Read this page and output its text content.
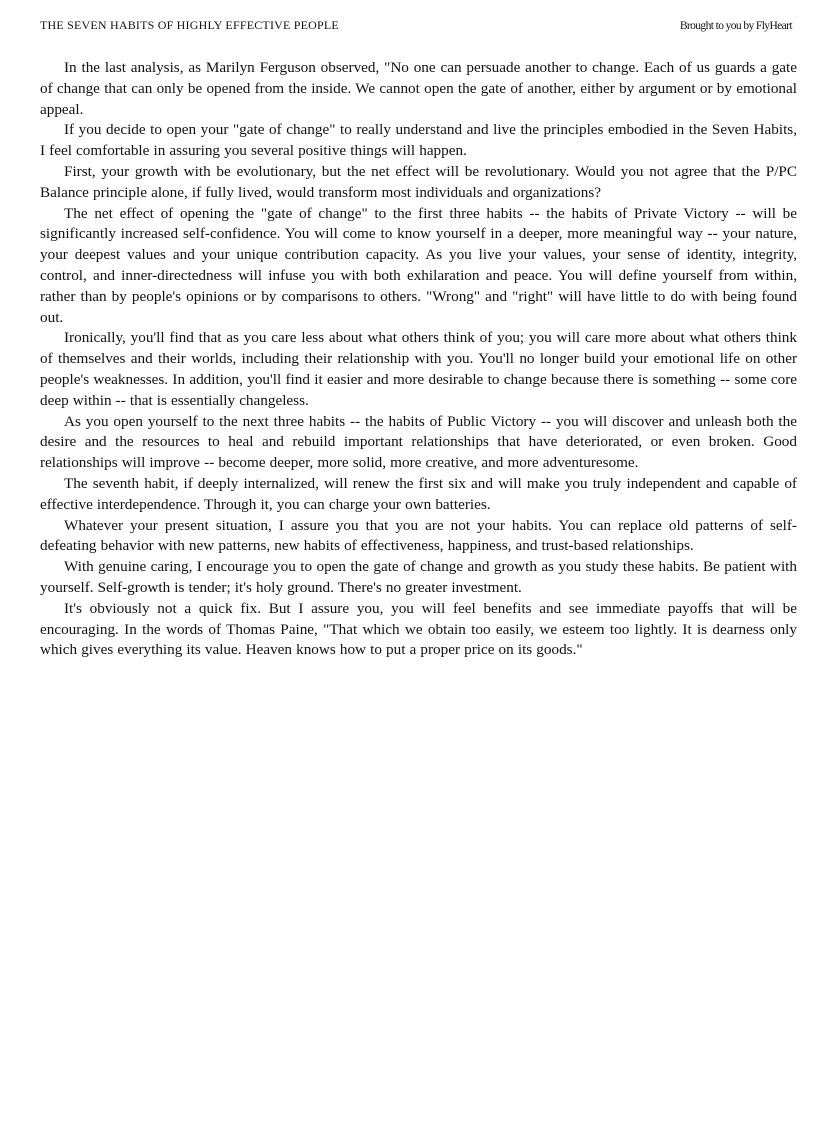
THE SEVEN HABITS OF HIGHLY EFFECTIVE PEOPLE	Brought to you by FlyHeart

In the last analysis, as Marilyn Ferguson observed, "No one can persuade another to change. Each of us guards a gate of change that can only be opened from the inside. We cannot open the gate of another, either by argument or by emotional appeal.

If you decide to open your "gate of change" to really understand and live the principles embodied in the Seven Habits, I feel comfortable in assuring you several positive things will happen.

First, your growth with be evolutionary, but the net effect will be revolutionary. Would you not agree that the P/PC Balance principle alone, if fully lived, would transform most individuals and organizations?

The net effect of opening the "gate of change" to the first three habits -- the habits of Private Victory -- will be significantly increased self-confidence. You will come to know yourself in a deeper, more meaningful way -- your nature, your deepest values and your unique contribution capacity. As you live your values, your sense of identity, integrity, control, and inner-directedness will infuse you with both exhilaration and peace. You will define yourself from within, rather than by people's opinions or by comparisons to others. "Wrong" and "right" will have little to do with being found out.

Ironically, you'll find that as you care less about what others think of you; you will care more about what others think of themselves and their worlds, including their relationship with you. You'll no longer build your emotional life on other people's weaknesses. In addition, you'll find it easier and more desirable to change because there is something -- some core deep within -- that is essentially changeless.

As you open yourself to the next three habits -- the habits of Public Victory -- you will discover and unleash both the desire and the resources to heal and rebuild important relationships that have deteriorated, or even broken. Good relationships will improve -- become deeper, more solid, more creative, and more adventuresome.

The seventh habit, if deeply internalized, will renew the first six and will make you truly independent and capable of effective interdependence. Through it, you can charge your own batteries.

Whatever your present situation, I assure you that you are not your habits. You can replace old patterns of self-defeating behavior with new patterns, new habits of effectiveness, happiness, and trust-based relationships.

With genuine caring, I encourage you to open the gate of change and growth as you study these habits. Be patient with yourself. Self-growth is tender; it's holy ground. There's no greater investment.

It's obviously not a quick fix. But I assure you, you will feel benefits and see immediate payoffs that will be encouraging. In the words of Thomas Paine, "That which we obtain too easily, we esteem too lightly. It is dearness only which gives everything its value. Heaven knows how to put a proper price on its goods."
